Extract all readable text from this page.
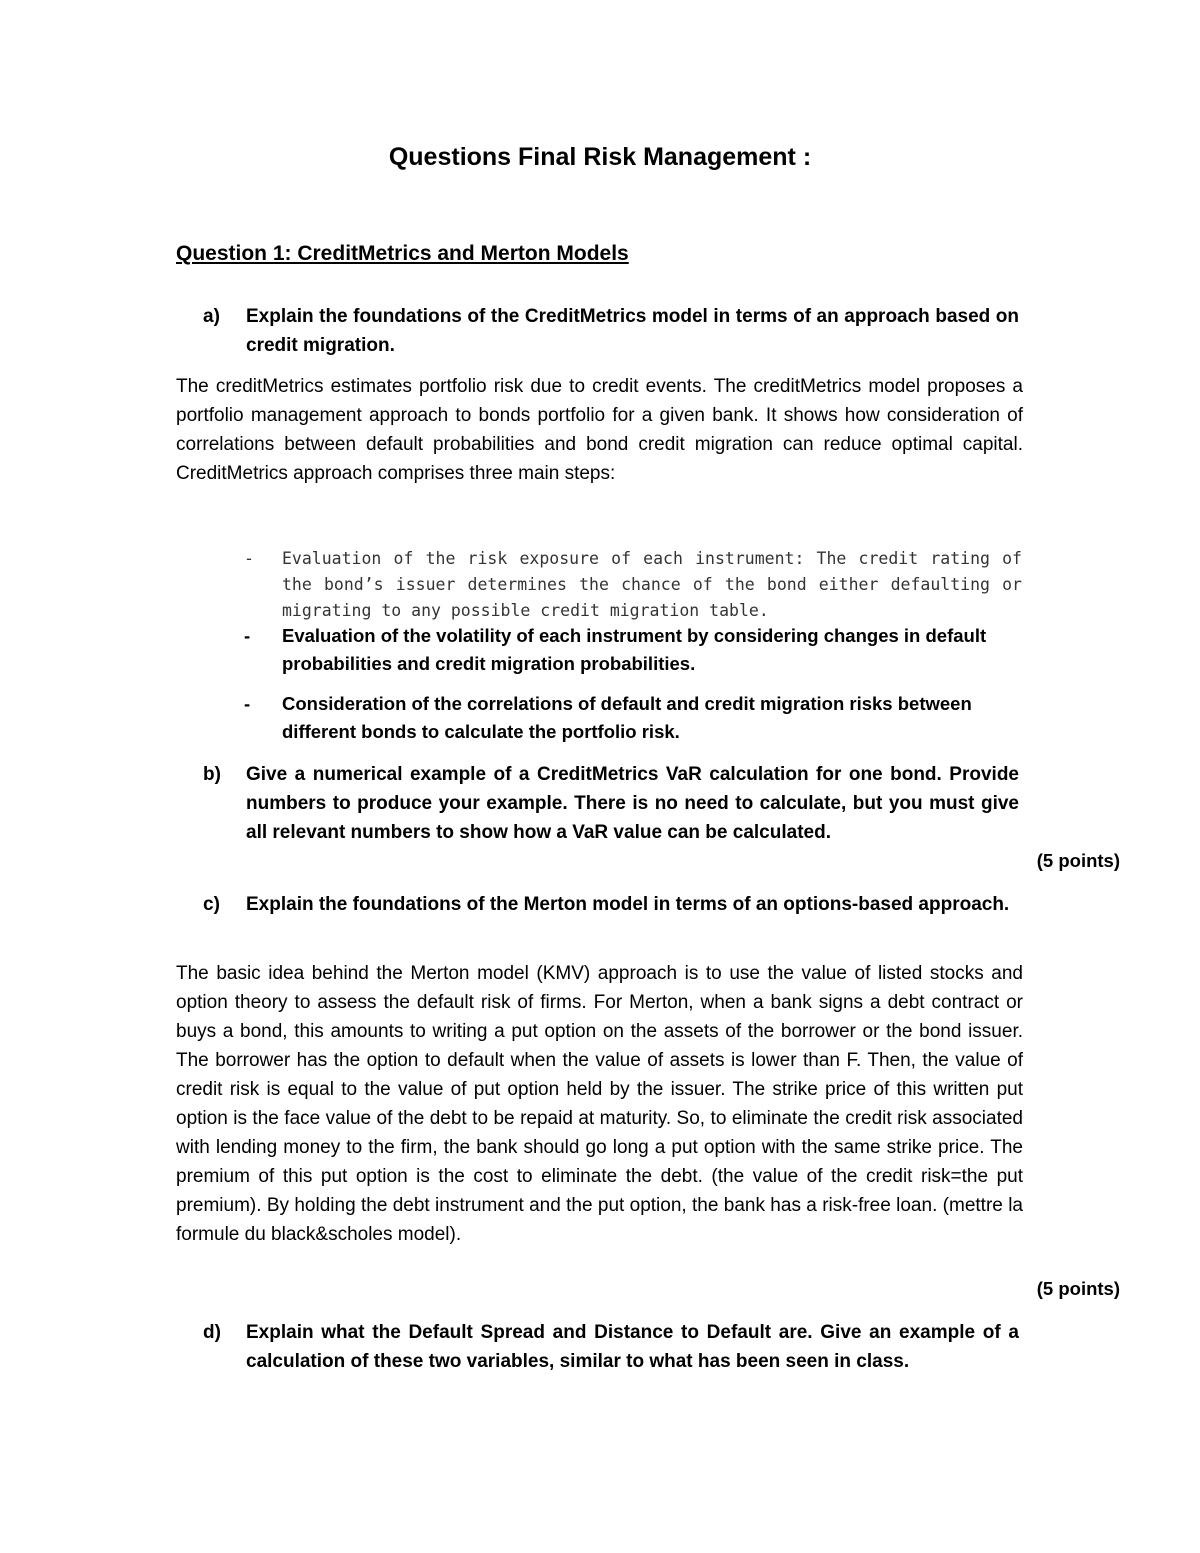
Questions Final Risk Management :
Question 1: CreditMetrics and Merton Models
a) Explain the foundations of the CreditMetrics model in terms of an approach based on credit migration.
The creditMetrics estimates portfolio risk due to credit events. The creditMetrics model proposes a portfolio management approach to bonds portfolio for a given bank. It shows how consideration of correlations between default probabilities and bond credit migration can reduce optimal capital. CreditMetrics approach comprises three main steps:
- Evaluation of the risk exposure of each instrument: The credit rating of the bond’s issuer determines the chance of the bond either defaulting or migrating to any possible credit migration table.
- Evaluation of the volatility of each instrument by considering changes in default probabilities and credit migration probabilities.
- Consideration of the correlations of default and credit migration risks between different bonds to calculate the portfolio risk.
b) Give a numerical example of a CreditMetrics VaR calculation for one bond. Provide numbers to produce your example. There is no need to calculate, but you must give all relevant numbers to show how a VaR value can be calculated.
(5 points)
c) Explain the foundations of the Merton model in terms of an options-based approach.
The basic idea behind the Merton model (KMV) approach is to use the value of listed stocks and option theory to assess the default risk of firms. For Merton, when a bank signs a debt contract or buys a bond, this amounts to writing a put option on the assets of the borrower or the bond issuer. The borrower has the option to default when the value of assets is lower than F. Then, the value of credit risk is equal to the value of put option held by the issuer. The strike price of this written put option is the face value of the debt to be repaid at maturity. So, to eliminate the credit risk associated with lending money to the firm, the bank should go long a put option with the same strike price. The premium of this put option is the cost to eliminate the debt. (the value of the credit risk=the put premium). By holding the debt instrument and the put option, the bank has a risk-free loan. (mettre la formule du black&scholes model).
(5 points)
d) Explain what the Default Spread and Distance to Default are. Give an example of a calculation of these two variables, similar to what has been seen in class.
